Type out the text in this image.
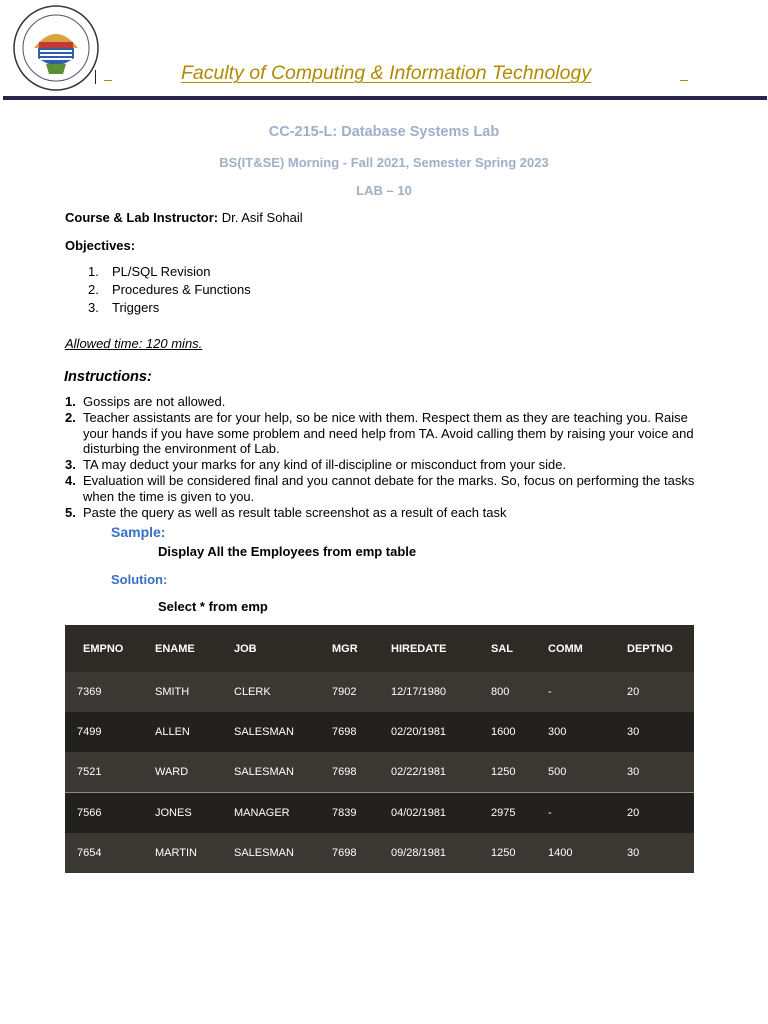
Faculty of Computing & Information Technology
CC-215-L: Database Systems Lab
BS(IT&SE) Morning - Fall 2021, Semester Spring 2023
LAB – 10
Course & Lab Instructor: Dr. Asif Sohail
Objectives:
1. PL/SQL Revision
2. Procedures & Functions
3. Triggers
Allowed time: 120 mins.
Instructions:
1. Gossips are not allowed.
2. Teacher assistants are for your help, so be nice with them. Respect them as they are teaching you. Raise your hands if you have some problem and need help from TA. Avoid calling them by raising your voice and disturbing the environment of Lab.
3. TA may deduct your marks for any kind of ill-discipline or misconduct from your side.
4. Evaluation will be considered final and you cannot debate for the marks. So, focus on performing the tasks when the time is given to you.
5. Paste the query as well as result table screenshot as a result of each task
Sample:
Display All the Employees from emp table
Solution:
Select * from emp
EMPNO	ENAME	JOB	MGR	HIREDATE	SAL	COMM	DEPTNO
7369	SMITH	CLERK	7902	12/17/1980	800	-	20
7499	ALLEN	SALESMAN	7698	02/20/1981	1600	300	30
7521	WARD	SALESMAN	7698	02/22/1981	1250	500	30
7566	JONES	MANAGER	7839	04/02/1981	2975	-	20
7654	MARTIN	SALESMAN	7698	09/28/1981	1250	1400	30
